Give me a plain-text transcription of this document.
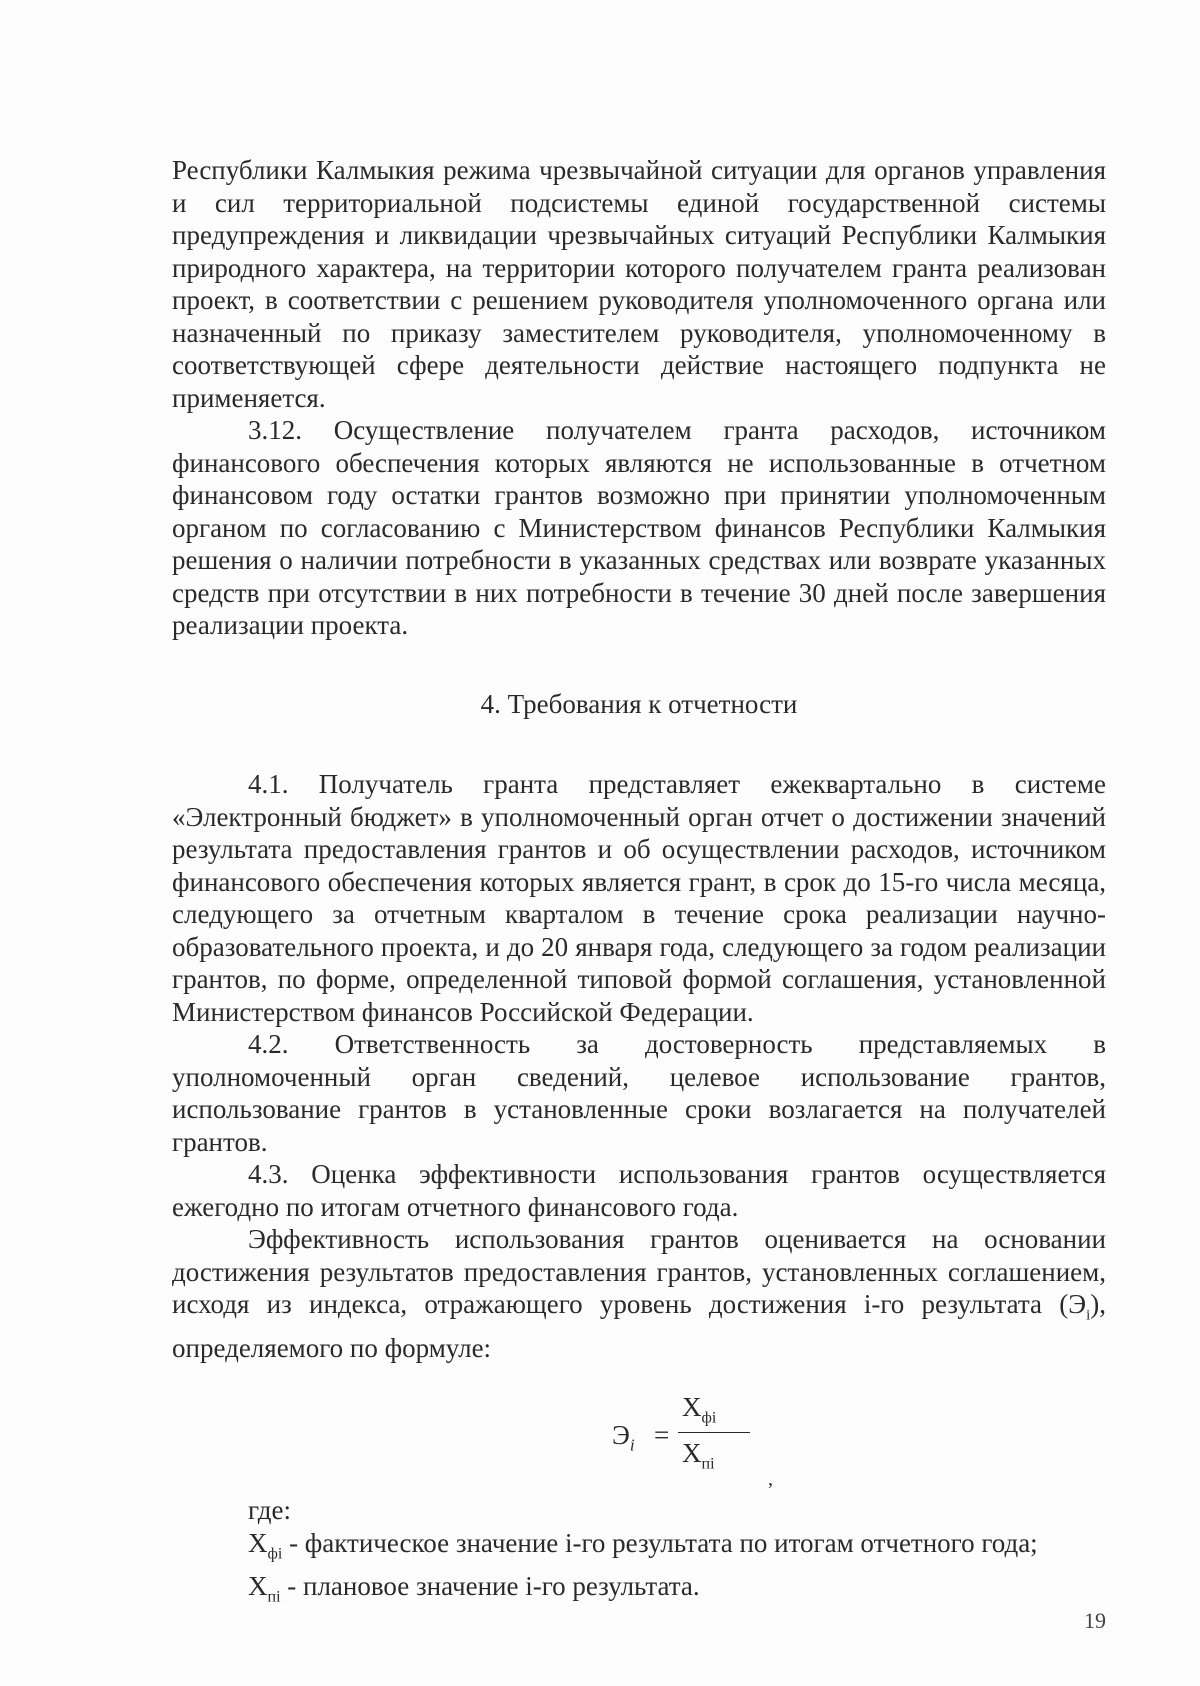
Республики Калмыкия режима чрезвычайной ситуации для органов управления и сил территориальной подсистемы единой государственной системы предупреждения и ликвидации чрезвычайных ситуаций Республики Калмыкия природного характера, на территории которого получателем гранта реализован проект, в соответствии с решением руководителя уполномоченного органа или назначенный по приказу заместителем руководителя, уполномоченному в соответствующей сфере деятельности действие настоящего подпункта не применяется.

3.12. Осуществление получателем гранта расходов, источником финансового обеспечения которых являются не использованные в отчетном финансовом году остатки грантов возможно при принятии уполномоченным органом по согласованию с Министерством финансов Республики Калмыкия решения о наличии потребности в указанных средствах или возврате указанных средств при отсутствии в них потребности в течение 30 дней после завершения реализации проекта.

4. Требования к отчетности

4.1. Получатель гранта представляет ежеквартально в системе «Электронный бюджет» в уполномоченный орган отчет о достижении значений результата предоставления грантов и об осуществлении расходов, источником финансового обеспечения которых является грант, в срок до 15-го числа месяца, следующего за отчетным кварталом в течение срока реализации научно-образовательного проекта, и до 20 января года, следующего за годом реализации грантов, по форме, определенной типовой формой соглашения, установленной Министерством финансов Российской Федерации.

4.2. Ответственность за достоверность представляемых в уполномоченный орган сведений, целевое использование грантов, использование грантов в установленные сроки возлагается на получателей грантов.

4.3. Оценка эффективности использования грантов осуществляется ежегодно по итогам отчетного финансового года.

Эффективность использования грантов оценивается на основании достижения результатов предоставления грантов, установленных соглашением, исходя из индекса, отражающего уровень достижения i-го результата $(Э_i)$, определяемого по формуле:

$Э_i$ =
$X_{фi}$
$X_{пi}$
,

где:

$X_{фi}$ - фактическое значение i-го результата по итогам отчетного года;

$X_{пi}$ - плановое значение i-го результата.

19
